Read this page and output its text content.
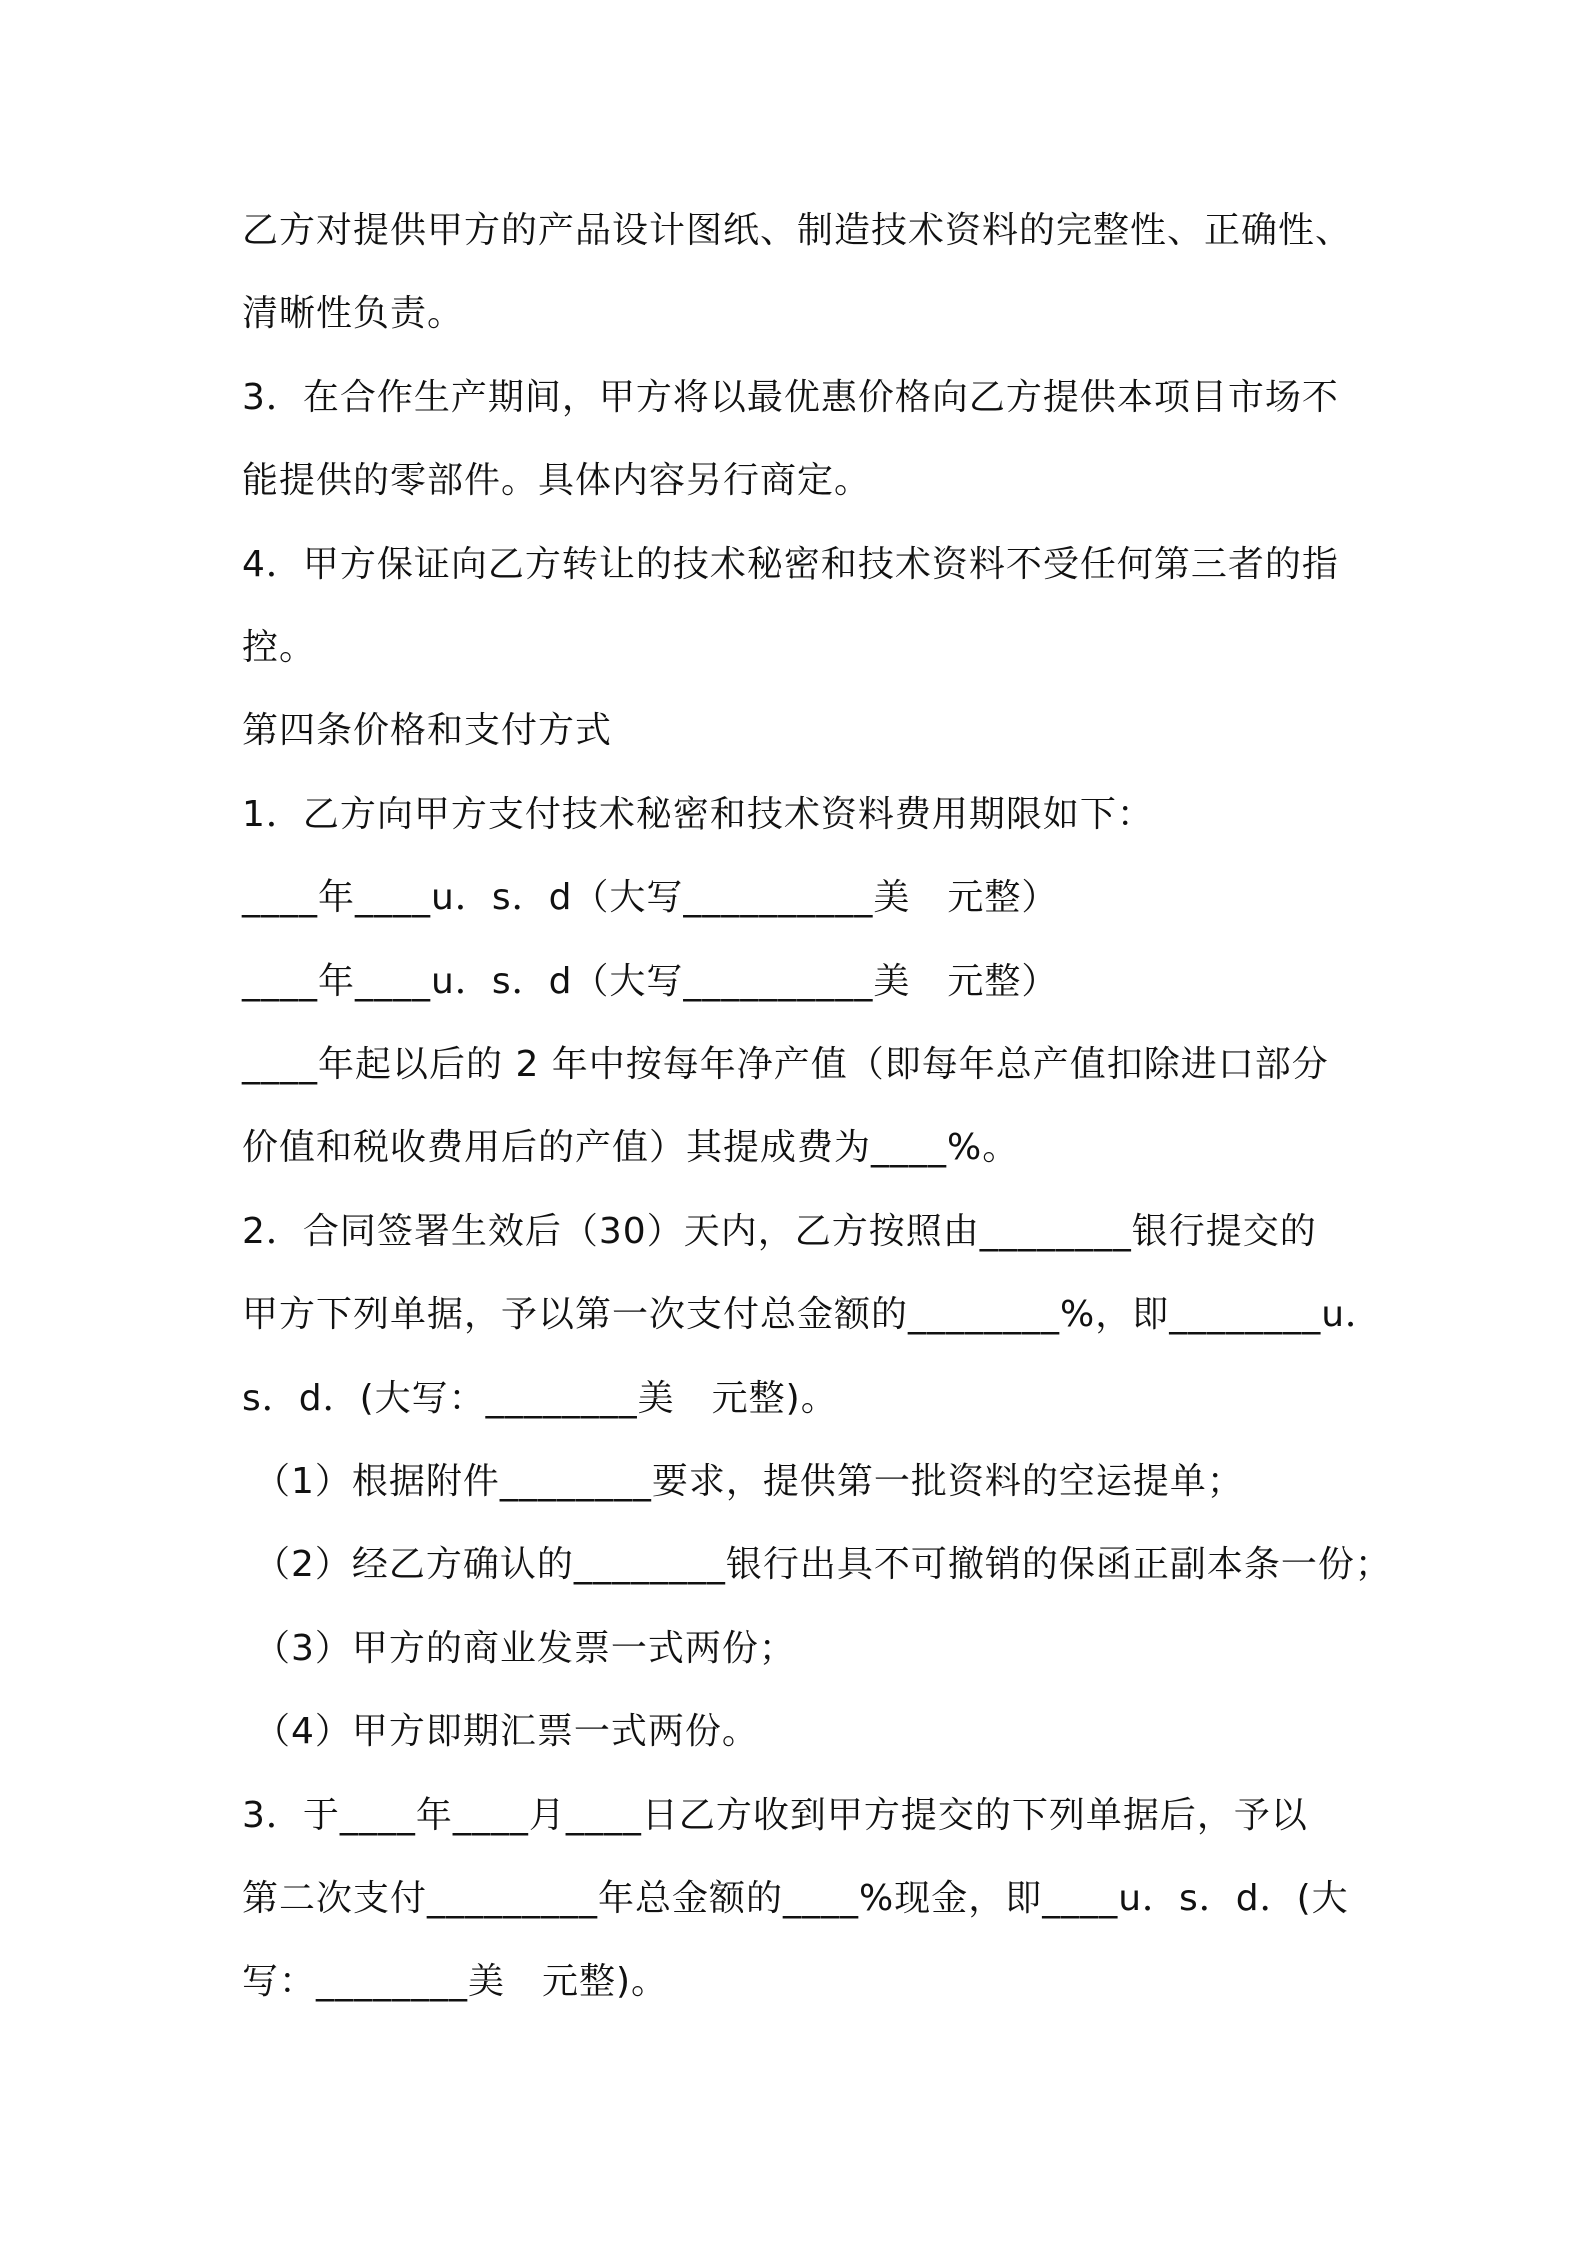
乙方对提供甲方的产品设计图纸、制造技术资料的完整性、正确性、

清晰性负责。

3．在合作生产期间，甲方将以最优惠价格向乙方提供本项目市场不

能提供的零部件。具体内容另行商定。

4．甲方保证向乙方转让的技术秘密和技术资料不受任何第三者的指

控。

第四条价格和支付方式

1．乙方向甲方支付技术秘密和技术资料费用期限如下：

____年____u．s．d（大写__________美　元整）

____年____u．s．d（大写__________美　元整）

____年起以后的 2 年中按每年净产值（即每年总产值扣除进口部分

价值和税收费用后的产值）其提成费为____%。

2．合同签署生效后（30）天内，乙方按照由________银行提交的

甲方下列单据，予以第一次支付总金额的________%，即________u．

s．d．(大写：________美　元整)。

（1）根据附件________要求，提供第一批资料的空运提单；

（2）经乙方确认的________银行出具不可撤销的保函正副本条一份；

（3）甲方的商业发票一式两份；

（4）甲方即期汇票一式两份。

3．于____年____月____日乙方收到甲方提交的下列单据后，予以

第二次支付_________年总金额的____%现金，即____u．s．d．(大

写：________美　元整)。
